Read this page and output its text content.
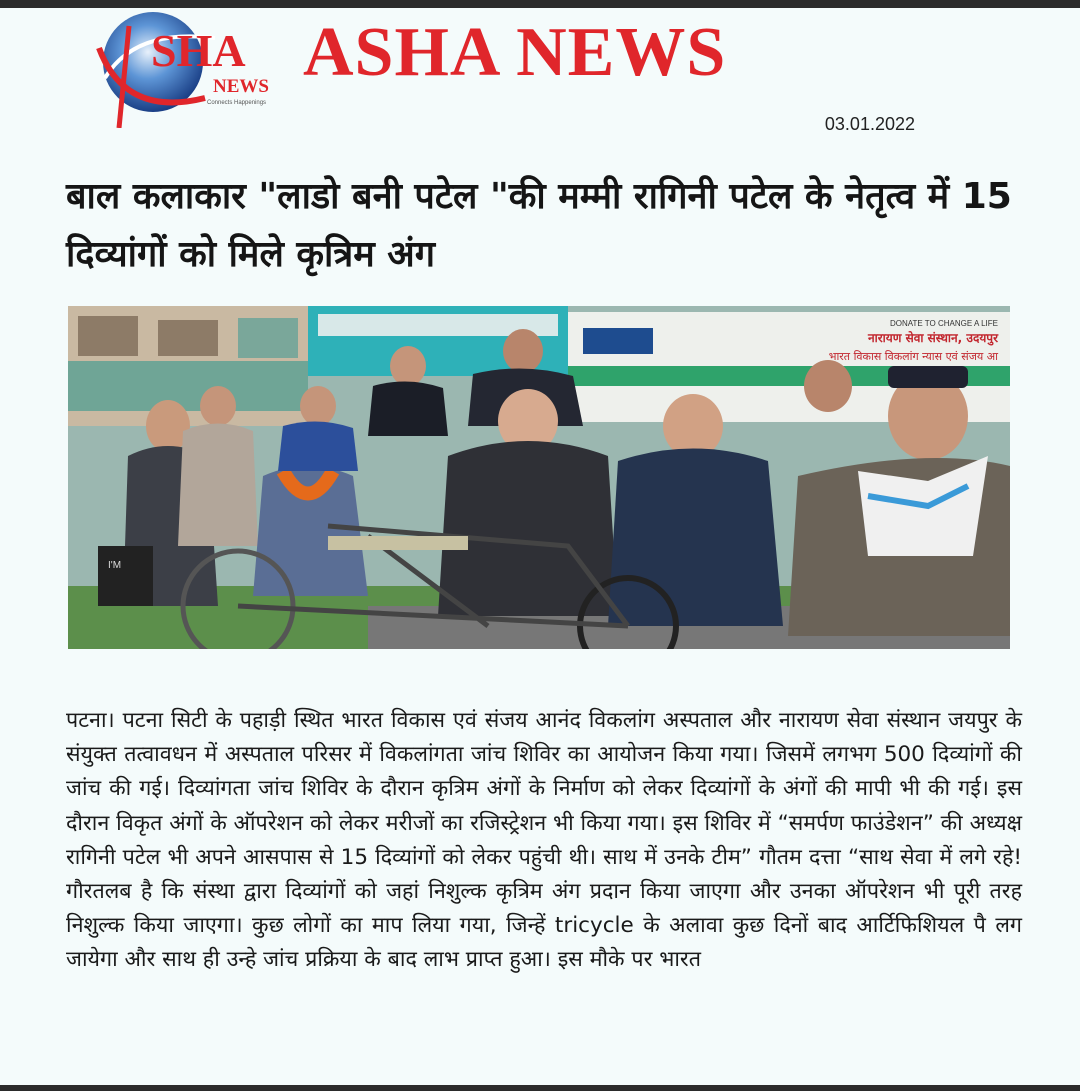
SHA
NEWS
Connects Happenings
ASHA NEWS
03.01.2022
बाल कलाकार "लाडो बनी पटेल "की मम्मी रागिनी पटेल के नेतृत्व में 15 दिव्यांगों को मिले कृत्रिम अंग
DONATE TO CHANGE A LIFE
नारायण सेवा संस्थान, उदयपुर
भारत विकास विकलांग न्यास एवं संजय आ
I'M
पटना। पटना सिटी के पहाड़ी स्थित भारत विकास एवं संजय आनंद विकलांग अस्पताल और नारायण सेवा संस्थान जयपुर के संयुक्त तत्वावधन में अस्पताल परिसर में विकलांगता जांच शिविर का आयोजन किया गया। जिसमें लगभग 500 दिव्यांगों की जांच की गई। दिव्यांगता जांच शिविर के दौरान कृत्रिम अंगों के निर्माण को लेकर दिव्यांगों के अंगों की मापी भी की गई। इस दौरान विकृत अंगों के ऑपरेशन को लेकर मरीजों का रजिस्ट्रेशन भी किया गया। इस शिविर में “समर्पण फाउंडेशन” की अध्यक्ष रागिनी पटेल भी अपने आसपास से 15 दिव्यांगों को लेकर पहुंची थी। साथ में उनके टीम” गौतम दत्ता “साथ सेवा में लगे रहे! गौरतलब है कि संस्था द्वारा दिव्यांगों को जहां निशुल्क कृत्रिम अंग प्रदान किया जाएगा और उनका ऑपरेशन भी पूरी तरह निशुल्क किया जाएगा। कुछ लोगों का माप लिया गया, जिन्हें tricycle के अलावा कुछ दिनों बाद आर्टिफिशियल पै लग जायेगा और साथ ही उन्हे जांच प्रक्रिया के बाद लाभ प्राप्त हुआ। इस मौके पर भारत
